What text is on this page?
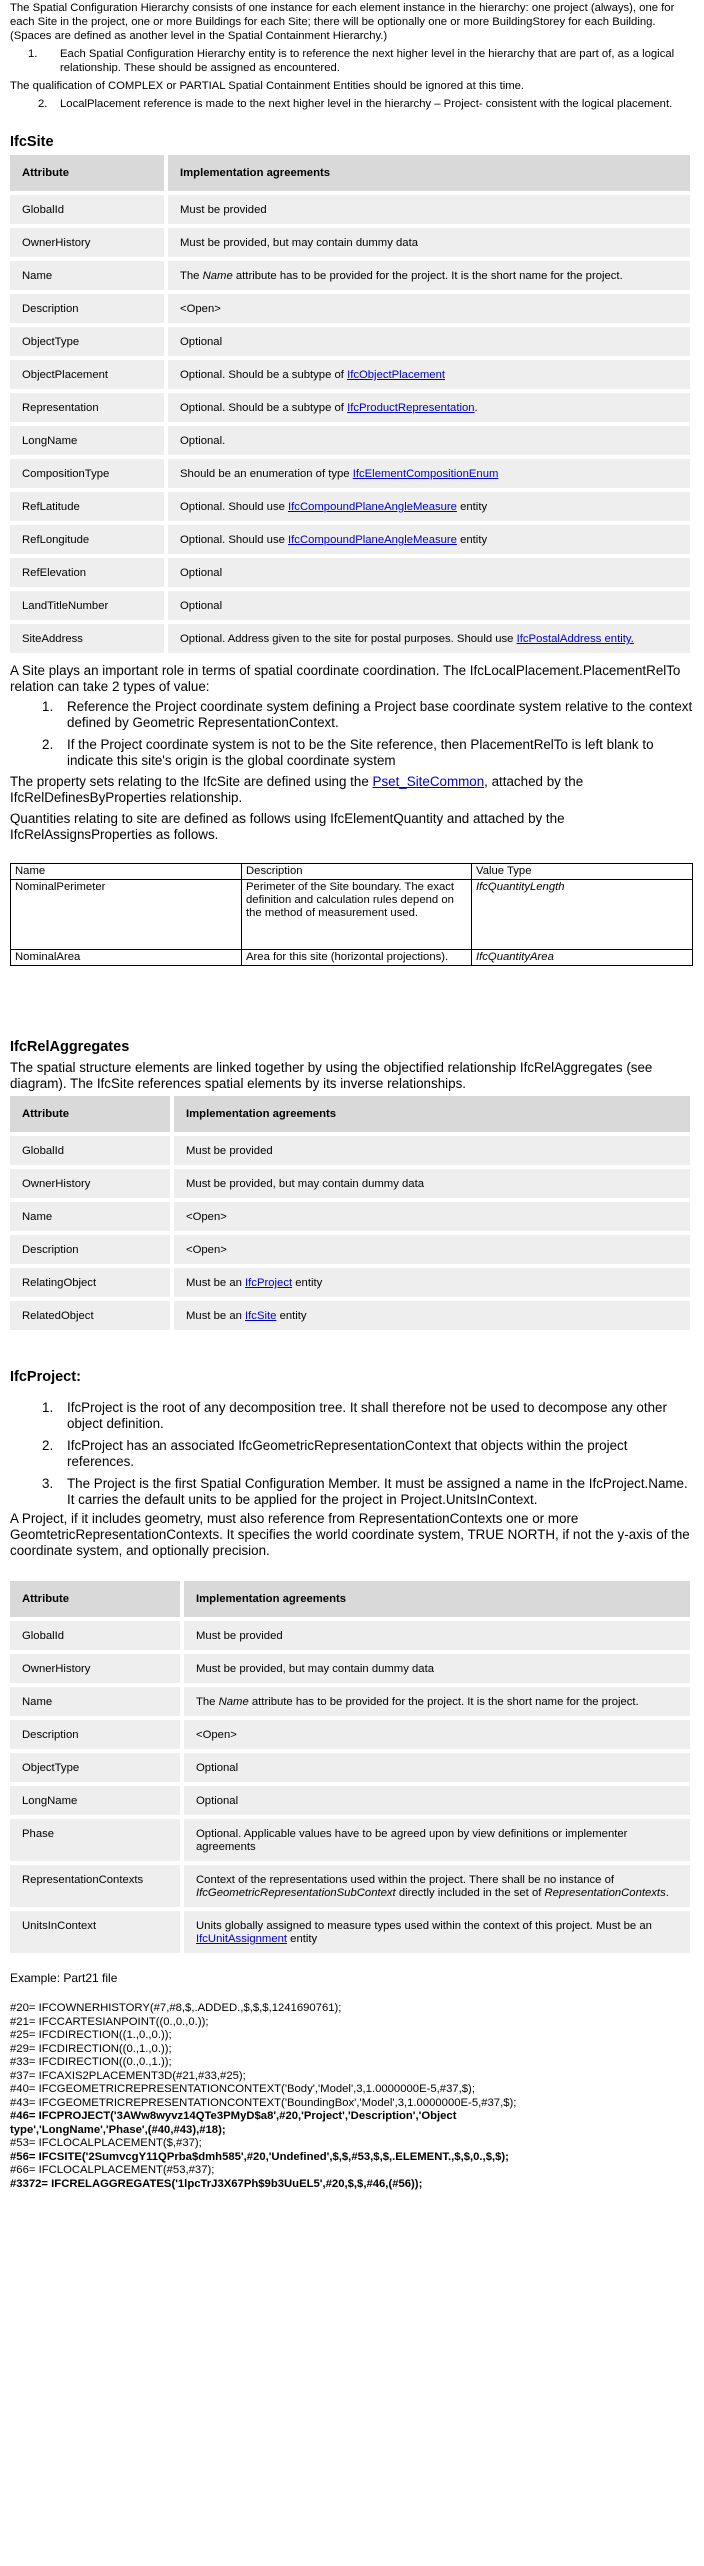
The Spatial Configuration Hierarchy consists of one instance for each element instance in the hierarchy: one project (always), one for each Site in the project, one or more Buildings for each Site; there will be optionally one or more BuildingStorey for each Building. (Spaces are defined as another level in the Spatial Containment Hierarchy.)

1. Each Spatial Configuration Hierarchy entity is to reference the next higher level in the hierarchy that are part of, as a logical relationship. These should be assigned as encountered.

The qualification of COMPLEX or PARTIAL Spatial Containment Entities should be ignored at this time.

2. LocalPlacement reference is made to the next higher level in the hierarchy – Project- consistent with the logical placement.
IfcSite
Attribute	Implementation agreements
GlobalId	Must be provided
OwnerHistory	Must be provided, but may contain dummy data
Name	The Name attribute has to be provided for the project. It is the short name for the project.
Description	<Open>
ObjectType	Optional
ObjectPlacement	Optional. Should be a subtype of IfcObjectPlacement
Representation	Optional. Should be a subtype of IfcProductRepresentation.
LongName	Optional.
CompositionType	Should be an enumeration of type IfcElementCompositionEnum
RefLatitude	Optional. Should use IfcCompoundPlaneAngleMeasure entity
RefLongitude	Optional. Should use IfcCompoundPlaneAngleMeasure entity
RefElevation	Optional
LandTitleNumber	Optional
SiteAddress	Optional. Address given to the site for postal purposes. Should use IfcPostalAddress entity.

A Site plays an important role in terms of spatial coordinate coordination. The IfcLocalPlacement.PlacementRelTo relation can take 2 types of value:

1. Reference the Project coordinate system defining a Project base coordinate system relative to the context defined by Geometric RepresentationContext.
2. If the Project coordinate system is not to be the Site reference, then PlacementRelTo is left blank to indicate this site's origin is the global coordinate system

The property sets relating to the IfcSite are defined using the Pset_SiteCommon, attached by the IfcRelDefinesByProperties relationship.

Quantities relating to site are defined as follows using IfcElementQuantity and attached by the IfcRelAssignsProperties as follows.

Name	Description	Value Type
NominalPerimeter	Perimeter of the Site boundary. The exact definition and calculation rules depend on the method of measurement used.	IfcQuantityLength
NominalArea	Area for this site (horizontal projections).	IfcQuantityArea
IfcRelAggregates

The spatial structure elements are linked together by using the objectified relationship IfcRelAggregates (see diagram). The IfcSite references spatial elements by its inverse relationships.

Attribute	Implementation agreements
GlobalId	Must be provided
OwnerHistory	Must be provided, but may contain dummy data
Name	<Open>
Description	<Open>
RelatingObject	Must be an IfcProject entity
RelatedObject	Must be an IfcSite entity
IfcProject:
1. IfcProject is the root of any decomposition tree. It shall therefore not be used to decompose any other object definition.
2. IfcProject has an associated IfcGeometricRepresentationContext that objects within the project references.
3. The Project is the first Spatial Configuration Member. It must be assigned a name in the IfcProject.Name. It carries the default units to be applied for the project in Project.UnitsInContext.

A Project, if it includes geometry, must also reference from RepresentationContexts one or more GeomtetricRepresentationContexts. It specifies the world coordinate system, TRUE NORTH, if not the y-axis of the coordinate system, and optionally precision.

Attribute	Implementation agreements
GlobalId	Must be provided
OwnerHistory	Must be provided, but may contain dummy data
Name	The Name attribute has to be provided for the project. It is the short name for the project.
Description	<Open>
ObjectType	Optional
LongName	Optional
Phase	Optional. Applicable values have to be agreed upon by view definitions or implementer agreements
RepresentationContexts	Context of the representations used within the project. There shall be no instance of IfcGeometricRepresentationSubContext directly included in the set of RepresentationContexts.
UnitsInContext	Units globally assigned to measure types used within the context of this project. Must be an IfcUnitAssignment entity

Example: Part21 file

#20= IFCOWNERHISTORY(#7,#8,$,.ADDED.,$,$,$,1241690761);
#21= IFCCARTESIANPOINT((0.,0.,0.));
#25= IFCDIRECTION((1.,0.,0.));
#29= IFCDIRECTION((0.,1.,0.));
#33= IFCDIRECTION((0.,0.,1.));
#37= IFCAXIS2PLACEMENT3D(#21,#33,#25);
#40= IFCGEOMETRICREPRESENTATIONCONTEXT('Body','Model',3,1.0000000E-5,#37,$);
#43= IFCGEOMETRICREPRESENTATIONCONTEXT('BoundingBox','Model',3,1.0000000E-5,#37,$);
#46= IFCPROJECT('3AWw8wyvz14QTe3PMyD$a8',#20,'Project','Description','Object
type','LongName','Phase',(#40,#43),#18);
#53= IFCLOCALPLACEMENT($,#37);
#56= IFCSITE('2SumvcgY11QPrba$dmh585',#20,'Undefined',$,$,#53,$,$,.ELEMENT.,$,$,0.,$,$);
#66= IFCLOCALPLACEMENT(#53,#37);
#3372= IFCRELAGGREGATES('1lpcTrJ3X67Ph$9b3UuEL5',#20,$,$,#46,(#56));
